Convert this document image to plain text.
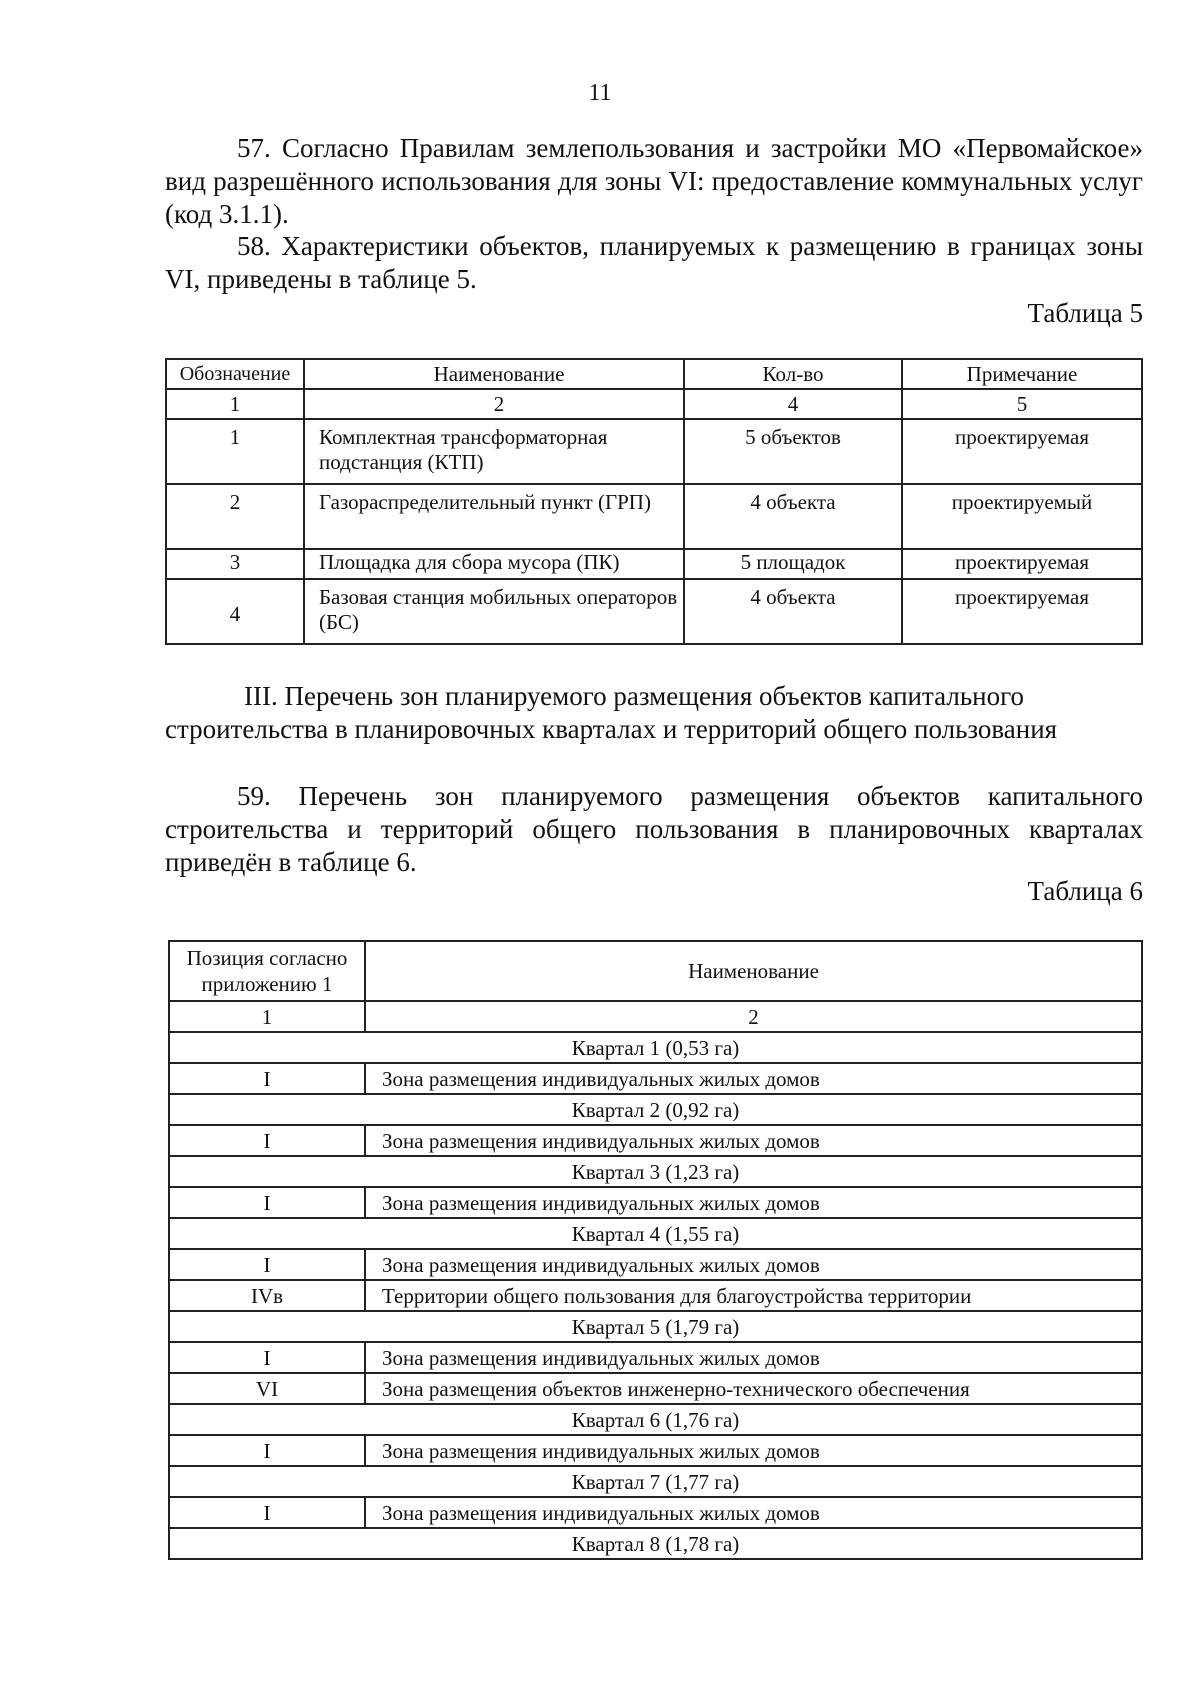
11
57. Согласно Правилам землепользования и застройки МО «Первомайское» вид разрешённого использования для зоны VI: предоставление коммунальных услуг (код 3.1.1).
58. Характеристики объектов, планируемых к размещению в границах зоны VI, приведены в таблице 5.
Таблица 5
Обозначение	Наименование	Кол-во	Примечание
1	2	4	5
1	Комплектная трансформаторная подстанция (КТП)	5 объектов	проектируемая
2	Газораспределительный пункт (ГРП)	4 объекта	проектируемый
3	Площадка для сбора мусора (ПК)	5 площадок	проектируемая
4	Базовая станция мобильных операторов (БС)	4 объекта	проектируемая
III. Перечень зон планируемого размещения объектов капитального
строительства в планировочных кварталах и территорий общего пользования
59. Перечень зон планируемого размещения объектов капитального строительства и территорий общего пользования в планировочных кварталах приведён в таблице 6.
Таблица 6
Позиция согласно приложению 1	Наименование
1	2
Квартал 1 (0,53 га)	
I	Зона размещения индивидуальных жилых домов
Квартал 2 (0,92 га)	
I	Зона размещения индивидуальных жилых домов
Квартал 3 (1,23 га)	
I	Зона размещения индивидуальных жилых домов
Квартал 4 (1,55 га)	
I	Зона размещения индивидуальных жилых домов
IVв	Территории общего пользования для благоустройства территории
Квартал 5 (1,79 га)	
I	Зона размещения индивидуальных жилых домов
VI	Зона размещения объектов инженерно-технического обеспечения
Квартал 6 (1,76 га)	
I	Зона размещения индивидуальных жилых домов
Квартал 7 (1,77 га)	
I	Зона размещения индивидуальных жилых домов
Квартал 8 (1,78 га)	
